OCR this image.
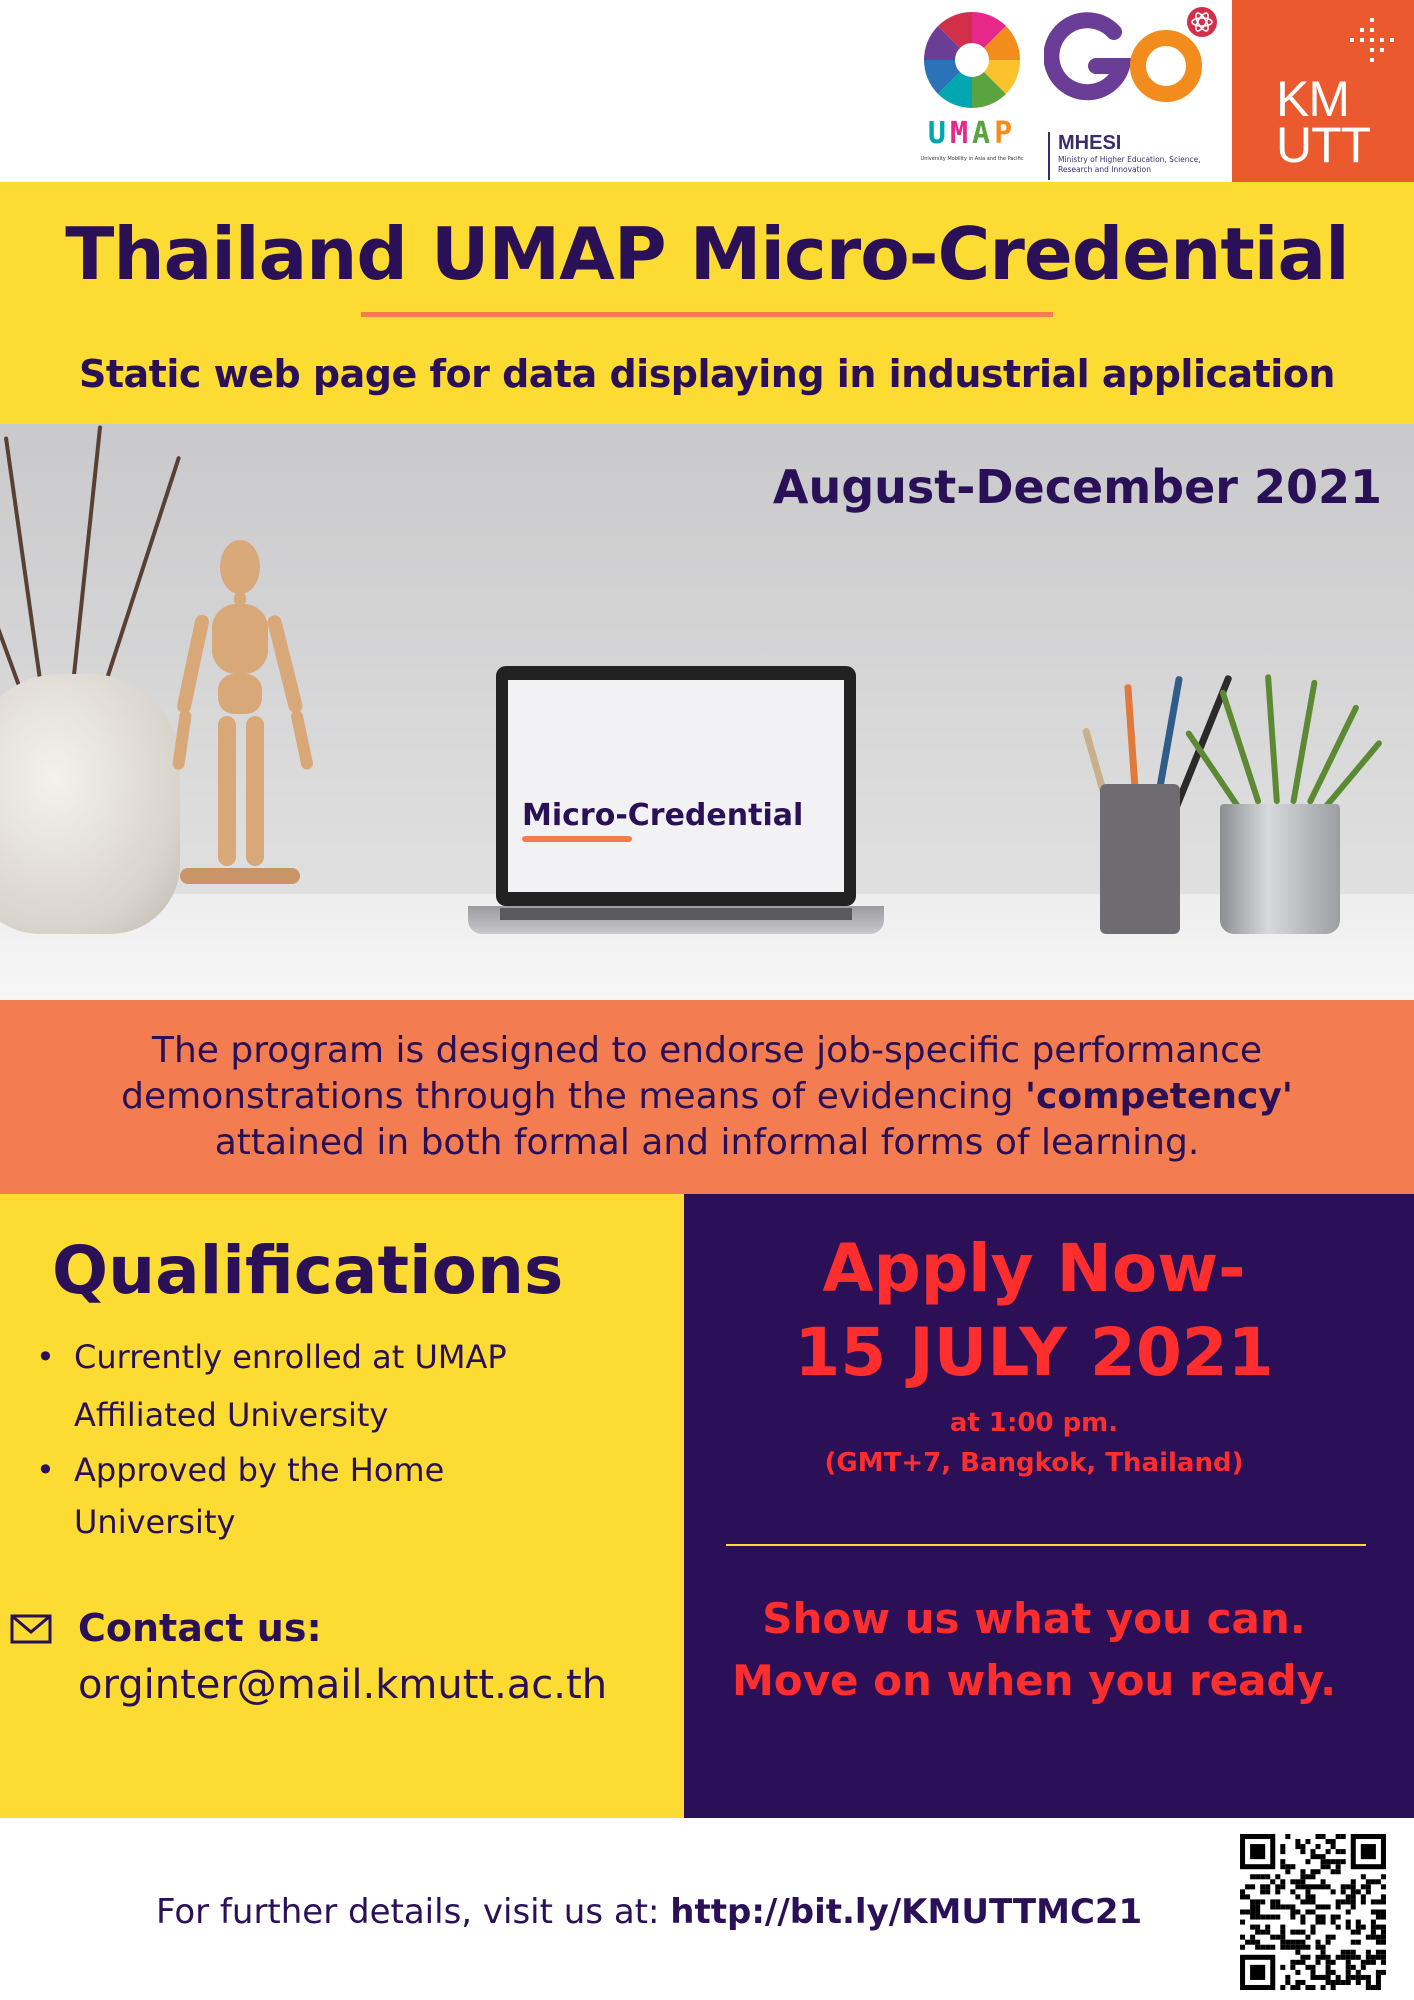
UMAP
University Mobility in Asia and the Pacific
MHESI
Ministry of Higher Education, Science, Research and Innovation
KM
UTT
Thailand UMAP Micro-Credential
Static web page for data displaying in industrial application
August-December 2021
Micro-Credential
The program is designed to endorse job-specific performance
demonstrations through the means of evidencing 'competency'
attained in both formal and informal forms of learning.
Qualifications
• Currently enrolled at UMAP
Affiliated University
• Approved by the Home
University
Contact us:
orginter@mail.kmutt.ac.th
Apply Now-
15 JULY 2021
at 1:00 pm.
(GMT+7, Bangkok, Thailand)
Show us what you can.
Move on when you ready.
For further details, visit us at: http://bit.ly/KMUTTMC21
